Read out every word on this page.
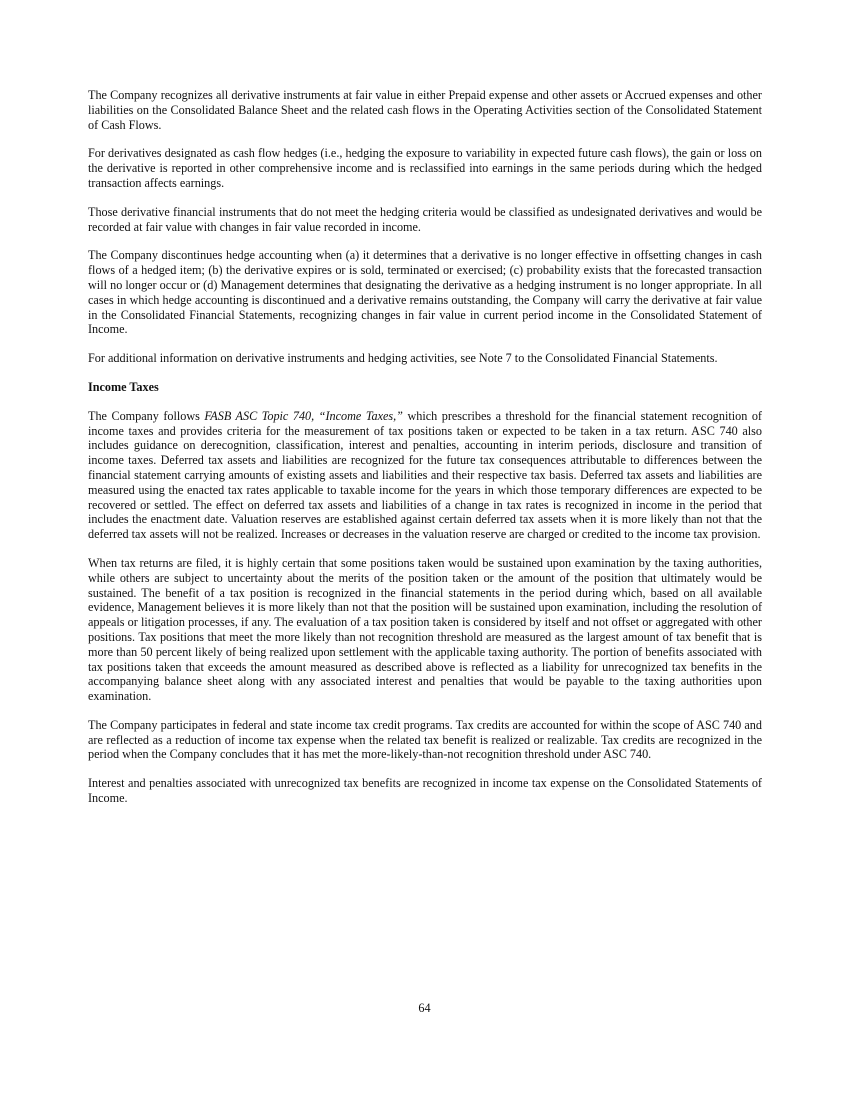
The Company recognizes all derivative instruments at fair value in either Prepaid expense and other assets or Accrued expenses and other liabilities on the Consolidated Balance Sheet and the related cash flows in the Operating Activities section of the Consolidated Statement of Cash Flows.

For derivatives designated as cash flow hedges (i.e., hedging the exposure to variability in expected future cash flows), the gain or loss on the derivative is reported in other comprehensive income and is reclassified into earnings in the same periods during which the hedged transaction affects earnings.

Those derivative financial instruments that do not meet the hedging criteria would be classified as undesignated derivatives and would be recorded at fair value with changes in fair value recorded in income.

The Company discontinues hedge accounting when (a) it determines that a derivative is no longer effective in offsetting changes in cash flows of a hedged item; (b) the derivative expires or is sold, terminated or exercised; (c) probability exists that the forecasted transaction will no longer occur or (d) Management determines that designating the derivative as a hedging instrument is no longer appropriate. In all cases in which hedge accounting is discontinued and a derivative remains outstanding, the Company will carry the derivative at fair value in the Consolidated Financial Statements, recognizing changes in fair value in current period income in the Consolidated Statement of Income.

For additional information on derivative instruments and hedging activities, see Note 7 to the Consolidated Financial Statements.

Income Taxes

The Company follows FASB ASC Topic 740, “Income Taxes,” which prescribes a threshold for the financial statement recognition of income taxes and provides criteria for the measurement of tax positions taken or expected to be taken in a tax return. ASC 740 also includes guidance on derecognition, classification, interest and penalties, accounting in interim periods, disclosure and transition of income taxes. Deferred tax assets and liabilities are recognized for the future tax consequences attributable to differences between the financial statement carrying amounts of existing assets and liabilities and their respective tax basis. Deferred tax assets and liabilities are measured using the enacted tax rates applicable to taxable income for the years in which those temporary differences are expected to be recovered or settled. The effect on deferred tax assets and liabilities of a change in tax rates is recognized in income in the period that includes the enactment date. Valuation reserves are established against certain deferred tax assets when it is more likely than not that the deferred tax assets will not be realized. Increases or decreases in the valuation reserve are charged or credited to the income tax provision.

When tax returns are filed, it is highly certain that some positions taken would be sustained upon examination by the taxing authorities, while others are subject to uncertainty about the merits of the position taken or the amount of the position that ultimately would be sustained. The benefit of a tax position is recognized in the financial statements in the period during which, based on all available evidence, Management believes it is more likely than not that the position will be sustained upon examination, including the resolution of appeals or litigation processes, if any. The evaluation of a tax position taken is considered by itself and not offset or aggregated with other positions. Tax positions that meet the more likely than not recognition threshold are measured as the largest amount of tax benefit that is more than 50 percent likely of being realized upon settlement with the applicable taxing authority. The portion of benefits associated with tax positions taken that exceeds the amount measured as described above is reflected as a liability for unrecognized tax benefits in the accompanying balance sheet along with any associated interest and penalties that would be payable to the taxing authorities upon examination.

The Company participates in federal and state income tax credit programs. Tax credits are accounted for within the scope of ASC 740 and are reflected as a reduction of income tax expense when the related tax benefit is realized or realizable. Tax credits are recognized in the period when the Company concludes that it has met the more-likely-than-not recognition threshold under ASC 740.

Interest and penalties associated with unrecognized tax benefits are recognized in income tax expense on the Consolidated Statements of Income.

64
